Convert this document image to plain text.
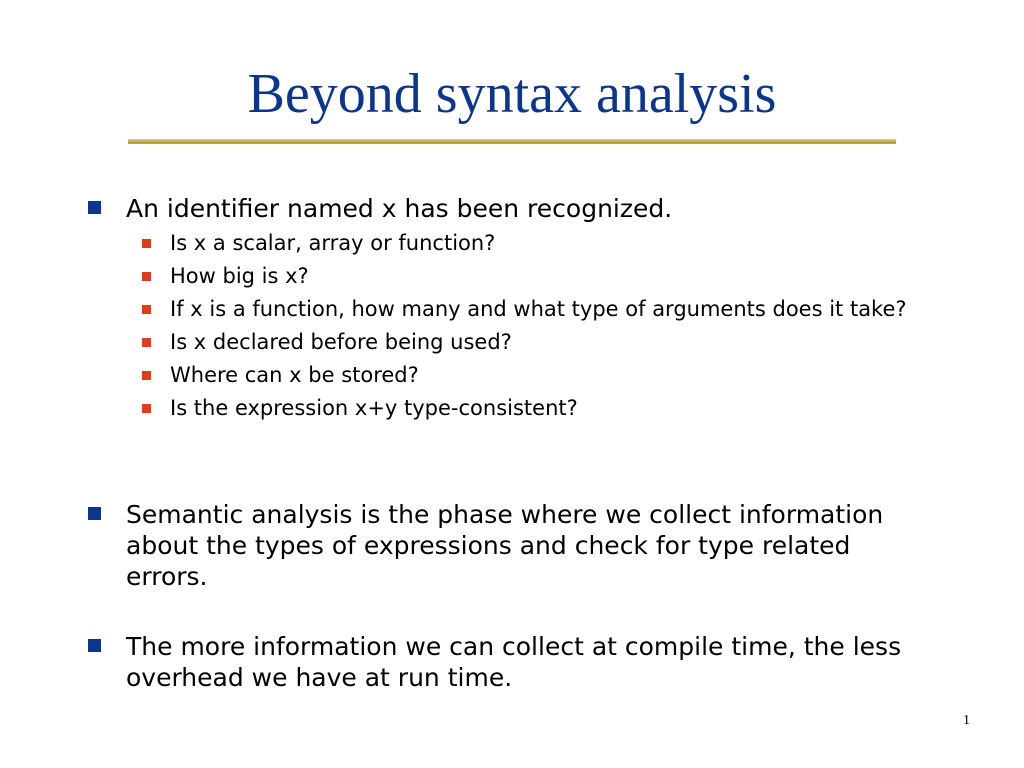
Beyond syntax analysis
An identifier named x has been recognized.
Is x a scalar, array or function?
How big is x?
If x is a function, how many and what type of arguments does it take?
Is x declared before being used?
Where can x be stored?
Is the expression x+y type-consistent?
Semantic analysis is the phase where we collect information about the types of expressions and check for type related errors.
The more information we can collect at compile time, the less overhead we have at run time.
1
